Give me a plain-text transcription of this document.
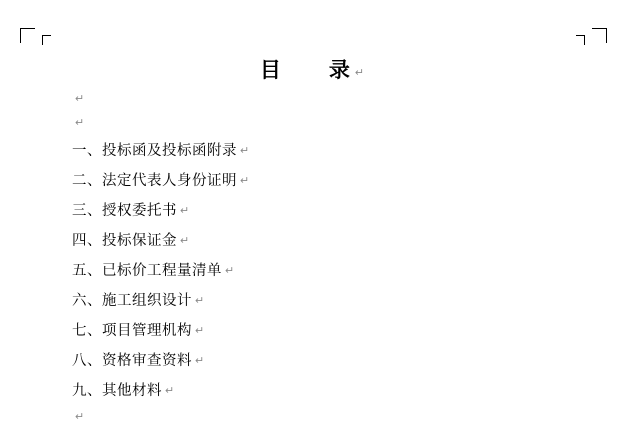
目　　录 ↵
↵
↵
一、投标函及投标函附录 ↵
二、法定代表人身份证明 ↵
三、授权委托书 ↵
四、投标保证金 ↵
五、已标价工程量清单 ↵
六、施工组织设计 ↵
七、项目管理机构 ↵
八、资格审查资料 ↵
九、其他材料 ↵
↵
